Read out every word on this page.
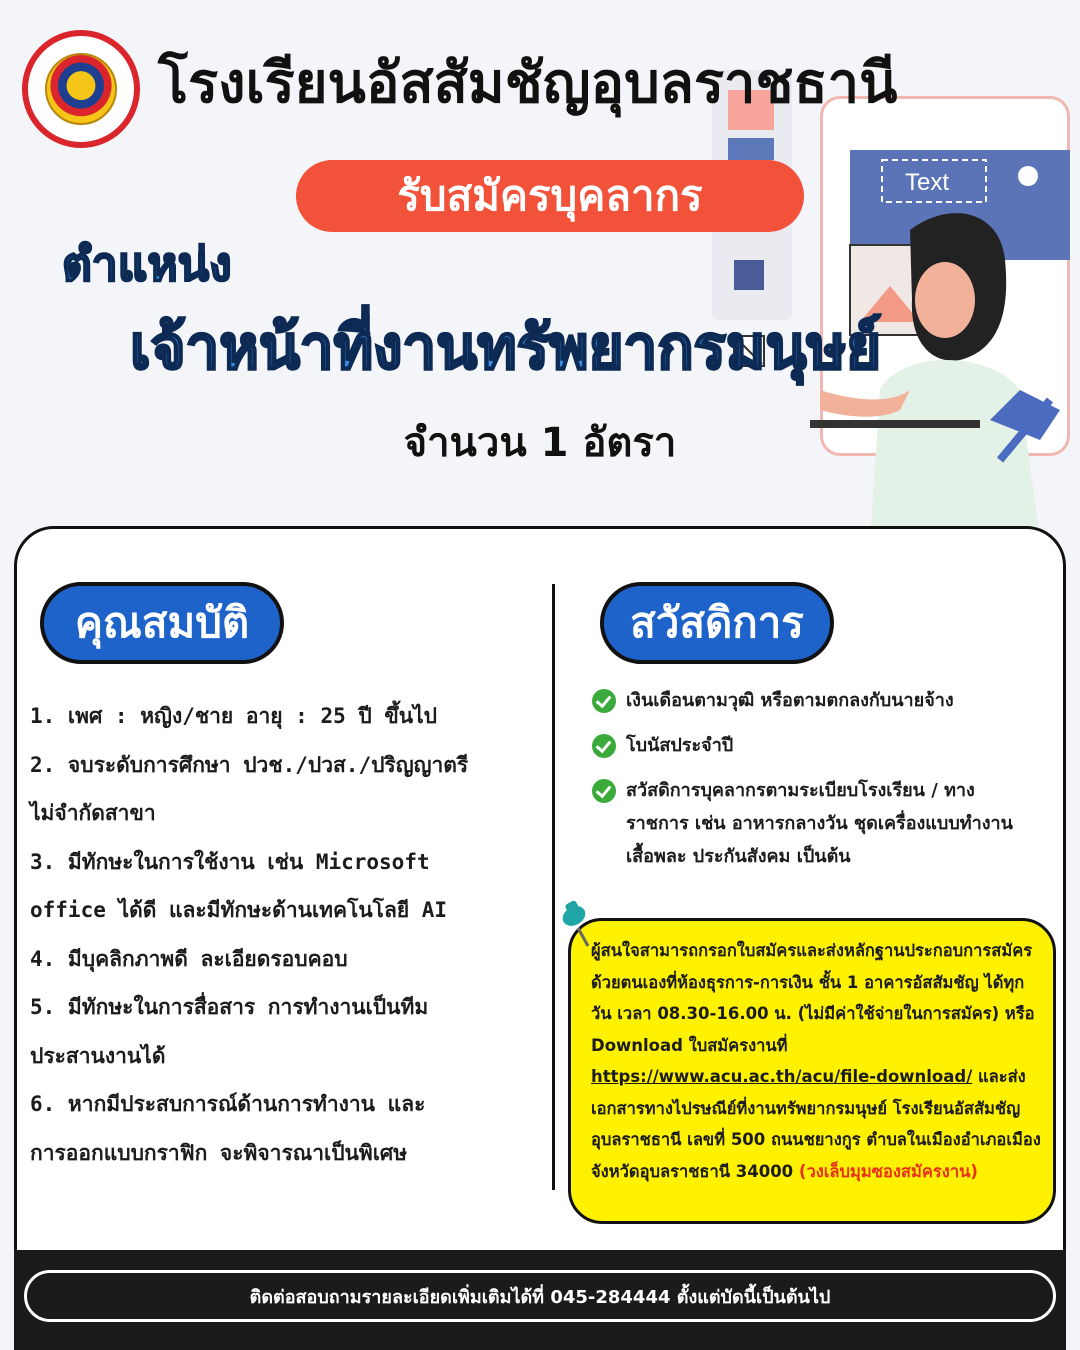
Text
โรงเรียนอัสสัมชัญอุบลราชธานี
รับสมัครบุคลากร
ตำแหน่ง
เจ้าหน้าที่งานทรัพยากรมนุษย์
จำนวน 1 อัตรา
คุณสมบัติ	สวัสดิการ
1. เพศ : หญิง/ชาย อายุ : 25 ปี ขึ้นไป
2. จบระดับการศึกษา ปวช./ปวส./ปริญญาตรี
ไม่จำกัดสาขา
3. มีทักษะในการใช้งาน เช่น Microsoft
office ได้ดี และมีทักษะด้านเทคโนโลยี AI
4. มีบุคลิกภาพดี ละเอียดรอบคอบ
5. มีทักษะในการสื่อสาร การทำงานเป็นทีม
ประสานงานได้
6. หากมีประสบการณ์ด้านการทำงาน และ
การออกแบบกราฟิก จะพิจารณาเป็นพิเศษ
เงินเดือนตามวุฒิ หรือตามตกลงกับนายจ้าง
โบนัสประจำปี
สวัสดิการบุคลากรตามระเบียบโรงเรียน / ทางราชการ เช่น อาหารกลางวัน ชุดเครื่องแบบทำงาน เสื้อพละ ประกันสังคม เป็นต้น
ผู้สนใจสามารถกรอกใบสมัครและส่งหลักฐานประกอบการสมัครด้วยตนเองที่ห้องธุรการ-การเงิน ชั้น 1 อาคารอัสสัมชัญ ได้ทุกวัน เวลา 08.30-16.00 น. (ไม่มีค่าใช้จ่ายในการสมัคร) หรือ Download ใบสมัครงานที่ https://www.acu.ac.th/acu/file-download/ และส่งเอกสารทางไปรษณีย์ที่งานทรัพยากรมนุษย์ โรงเรียนอัสสัมชัญอุบลราชธานี เลขที่ 500 ถนนชยางกูร ตำบลในเมืองอำเภอเมือง จังหวัดอุบลราชธานี 34000 (วงเล็บมุมซองสมัครงาน)
ติดต่อสอบถามรายละเอียดเพิ่มเติมได้ที่ 045-284444 ตั้งแต่บัดนี้เป็นต้นไป
